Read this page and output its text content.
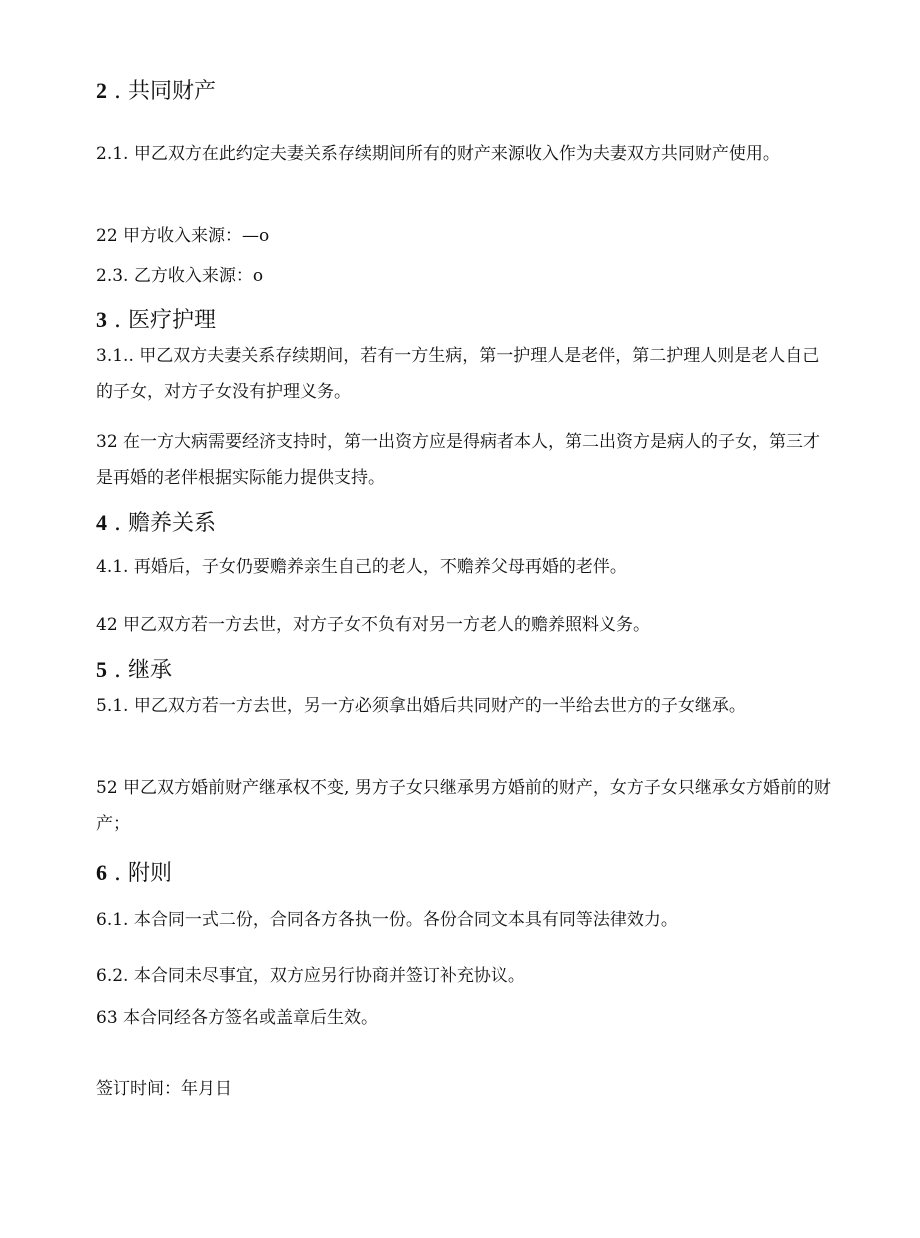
2 . 共同财产
2.1. 甲乙双方在此约定夫妻关系存续期间所有的财产来源收入作为夫妻双方共同财产使用。
22 甲方收入来源：—o
2.3. 乙方收入来源：o
3 . 医疗护理
3.1.. 甲乙双方夫妻关系存续期间，若有一方生病，第一护理人是老伴，第二护理人则是老人自己的子女，对方子女没有护理义务。
32 在一方大病需要经济支持时，第一出资方应是得病者本人，第二出资方是病人的子女，第三才是再婚的老伴根据实际能力提供支持。
4 . 赡养关系
4.1. 再婚后，子女仍要赡养亲生自己的老人，不赡养父母再婚的老伴。
42 甲乙双方若一方去世，对方子女不负有对另一方老人的赡养照料义务。
5 . 继承
5.1. 甲乙双方若一方去世，另一方必须拿出婚后共同财产的一半给去世方的子女继承。
52 甲乙双方婚前财产继承权不变, 男方子女只继承男方婚前的财产，女方子女只继承女方婚前的财产；
6 . 附则
6.1. 本合同一式二份，合同各方各执一份。各份合同文本具有同等法律效力。
6.2. 本合同未尽事宜，双方应另行协商并签订补充协议。
63 本合同经各方签名或盖章后生效。
签订时间：年月日
